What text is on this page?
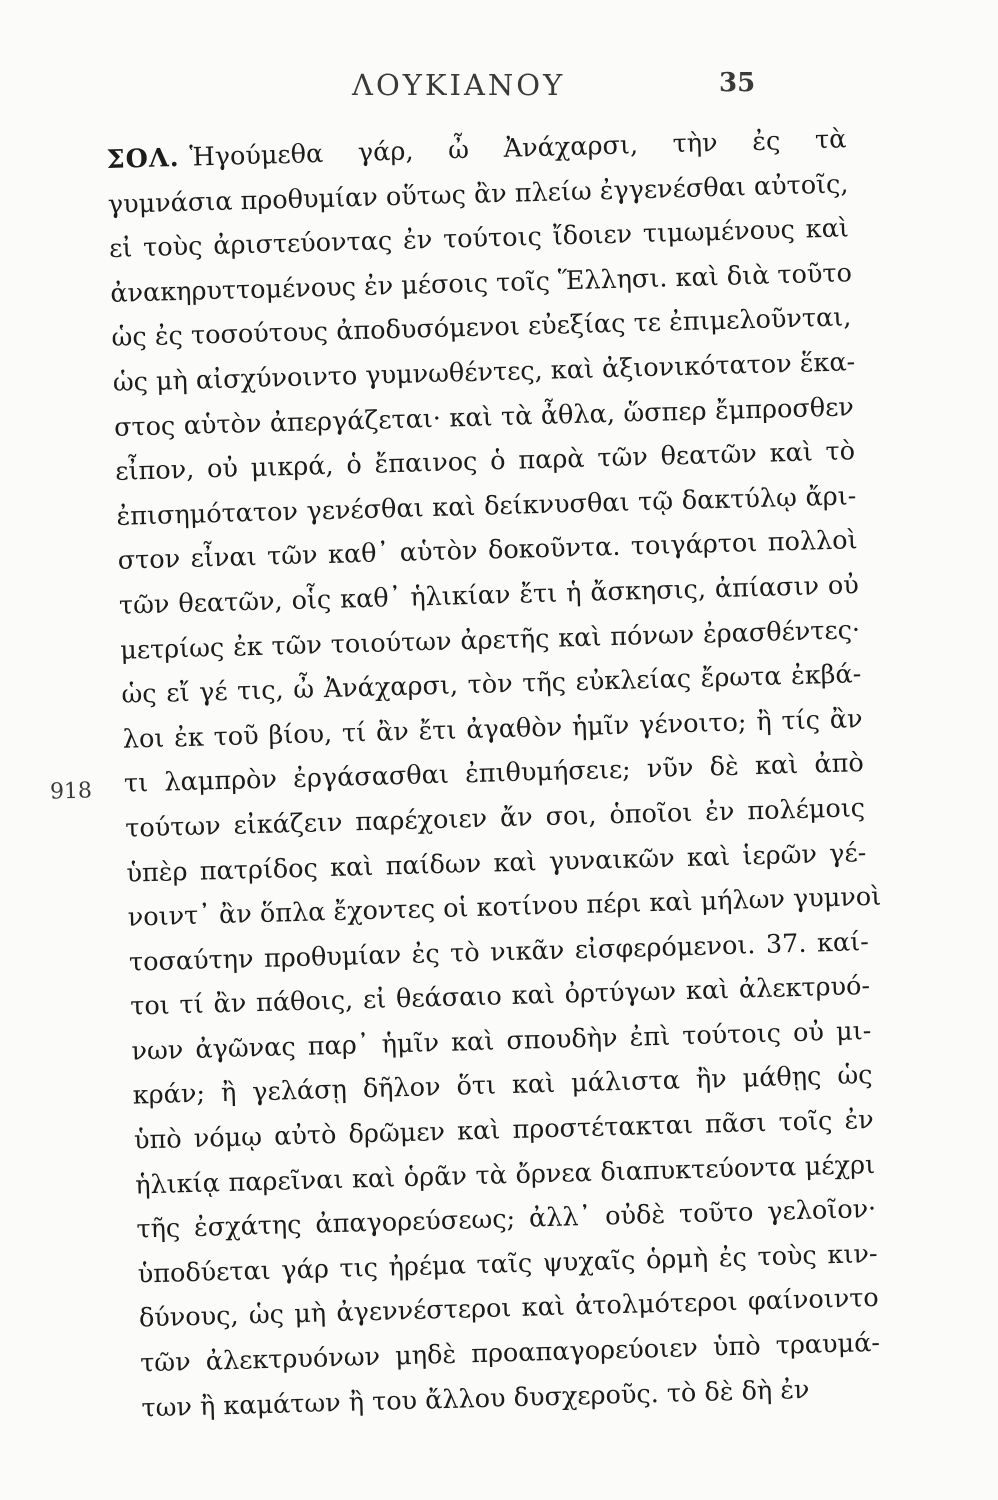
ΛΟΥΚΙΑΝΟΥ	35
918
ΣΟΛ. Ἡγούμεθα γάρ, ὦ Ἀνάχαρσι, τὴν ἐς τὰ
γυμνάσια προθυμίαν οὕτως ἂν πλείω ἐγγενέσθαι αὐτοῖς,
εἰ τοὺς ἀριστεύοντας ἐν τούτοις ἴδοιεν τιμωμένους καὶ
ἀνακηρυττομένους ἐν μέσοις τοῖς Ἕλλησι. καὶ διὰ τοῦτο
ὡς ἐς τοσούτους ἀποδυσόμενοι εὐεξίας τε ἐπιμελοῦνται,
ὡς μὴ αἰσχύνοιντο γυμνωθέντες, καὶ ἀξιονικότατον ἕκα-
στος αὑτὸν ἀπεργάζεται· καὶ τὰ ἆθλα, ὥσπερ ἔμπροσθεν
εἶπον, οὐ μικρά, ὁ ἔπαινος ὁ παρὰ τῶν θεατῶν καὶ τὸ
ἐπισημότατον γενέσθαι καὶ δείκνυσθαι τῷ δακτύλῳ ἄρι-
στον εἶναι τῶν καθ᾽ αὑτὸν δοκοῦντα. τοιγάρτοι πολλοὶ
τῶν θεατῶν, οἷς καθ᾽ ἡλικίαν ἔτι ἡ ἄσκησις, ἀπίασιν οὐ
μετρίως ἐκ τῶν τοιούτων ἀρετῆς καὶ πόνων ἐρασθέντες·
ὡς εἴ γέ τις, ὦ Ἀνάχαρσι, τὸν τῆς εὐκλείας ἔρωτα ἐκβά-
λοι ἐκ τοῦ βίου, τί ἂν ἔτι ἀγαθὸν ἡμῖν γένοιτο; ἢ τίς ἂν
τι λαμπρὸν ἐργάσασθαι ἐπιθυμήσειε; νῦν δὲ καὶ ἀπὸ
τούτων εἰκάζειν παρέχοιεν ἄν σοι, ὁποῖοι ἐν πολέμοις
ὑπὲρ πατρίδος καὶ παίδων καὶ γυναικῶν καὶ ἱερῶν γέ-
νοιντ᾽ ἂν ὅπλα ἔχοντες οἱ κοτίνου πέρι καὶ μήλων γυμνοὶ
τοσαύτην προθυμίαν ἐς τὸ νικᾶν εἰσφερόμενοι. 37. καί-
τοι τί ἂν πάθοις, εἰ θεάσαιο καὶ ὀρτύγων καὶ ἀλεκτρυό-
νων ἀγῶνας παρ᾽ ἡμῖν καὶ σπουδὴν ἐπὶ τούτοις οὐ μι-
κράν; ἢ γελάσῃ δῆλον ὅτι καὶ μάλιστα ἢν μάθῃς ὡς
ὑπὸ νόμῳ αὐτὸ δρῶμεν καὶ προστέτακται πᾶσι τοῖς ἐν
ἡλικίᾳ παρεῖναι καὶ ὁρᾶν τὰ ὄρνεα διαπυκτεύοντα μέχρι
τῆς ἐσχάτης ἀπαγορεύσεως; ἀλλ᾽ οὐδὲ τοῦτο γελοῖον·
ὑποδύεται γάρ τις ἠρέμα ταῖς ψυχαῖς ὁρμὴ ἐς τοὺς κιν-
δύνους, ὡς μὴ ἀγεννέστεροι καὶ ἀτολμότεροι φαίνοιντο
τῶν ἀλεκτρυόνων μηδὲ προαπαγορεύοιεν ὑπὸ τραυμά-
των ἢ καμάτων ἢ του ἄλλου δυσχεροῦς. τὸ δὲ δὴ ἐν
